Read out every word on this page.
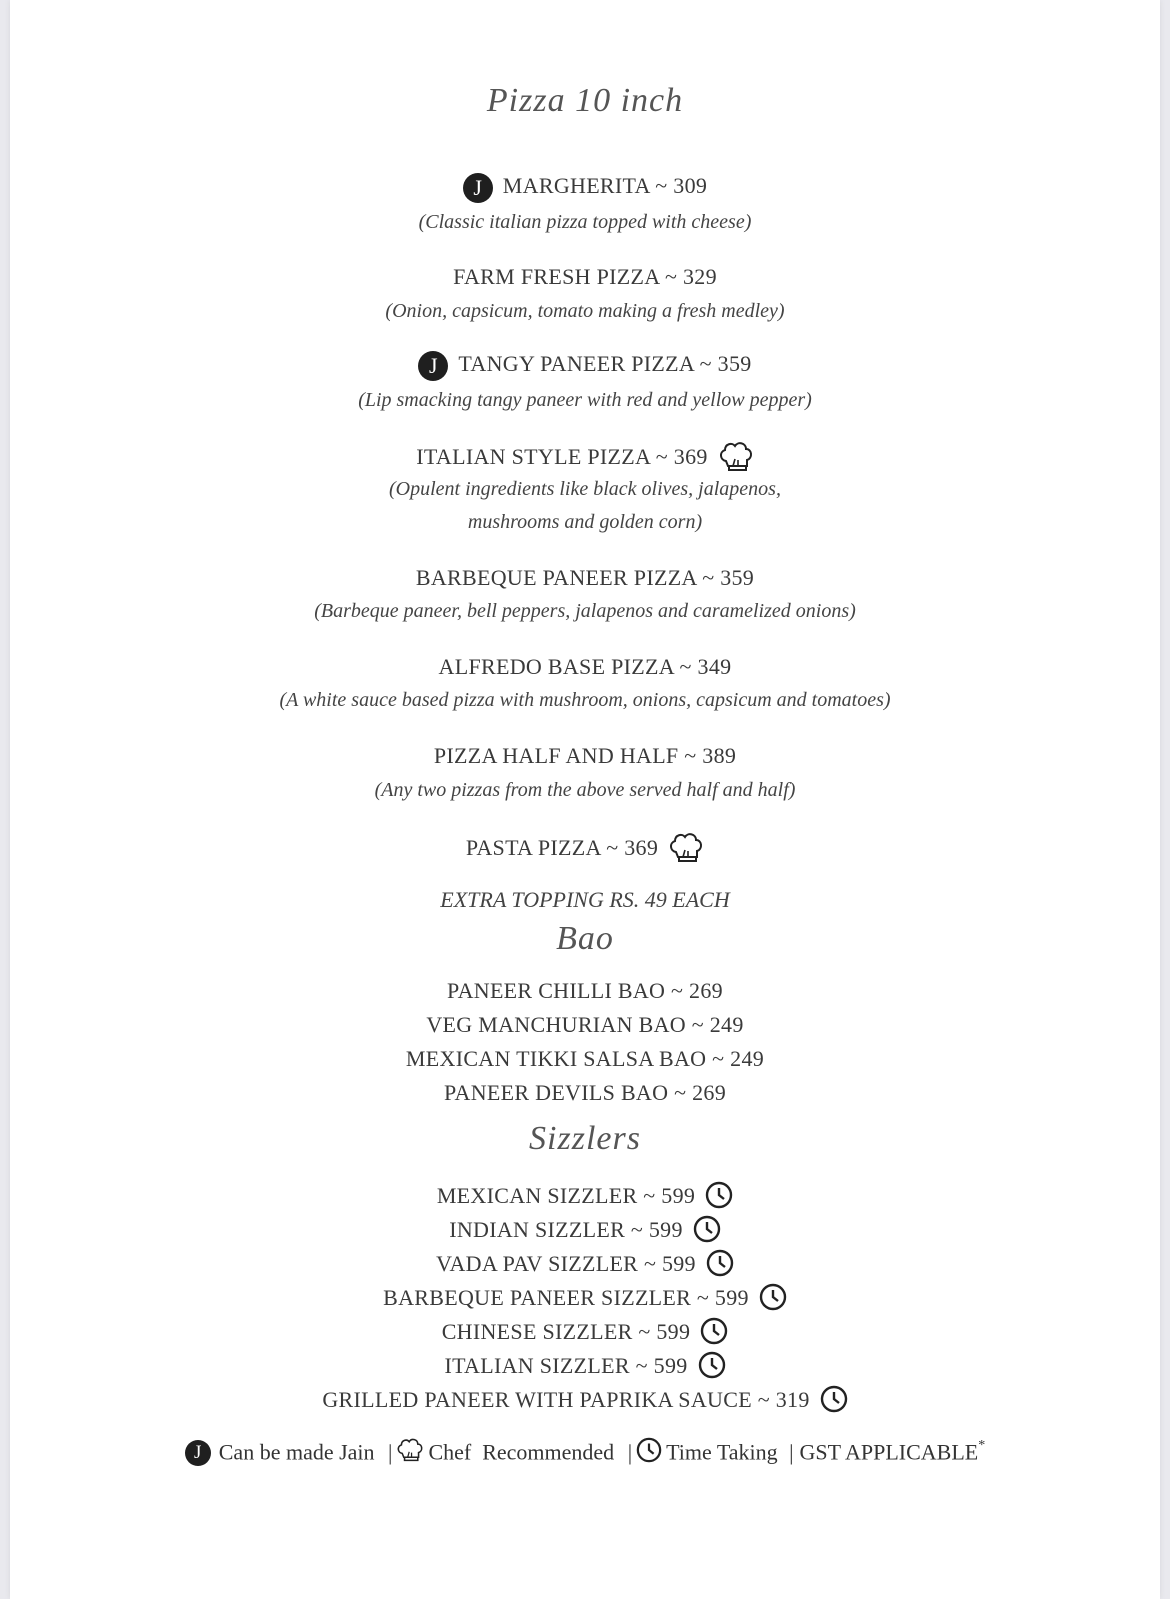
Pizza 10 inch
J MARGHERITA ~ 309
(Classic italian pizza topped with cheese)
FARM FRESH PIZZA ~ 329
(Onion, capsicum, tomato making a fresh medley)
J TANGY PANEER PIZZA ~ 359
(Lip smacking tangy paneer with red and yellow pepper)
ITALIAN STYLE PIZZA ~ 369
(Opulent ingredients like black olives, jalapenos,
mushrooms and golden corn)
BARBEQUE PANEER PIZZA ~ 359
(Barbeque paneer, bell peppers, jalapenos and caramelized onions)
ALFREDO BASE PIZZA ~ 349
(A white sauce based pizza with mushroom, onions, capsicum and tomatoes)
PIZZA HALF AND HALF ~ 389
(Any two pizzas from the above served half and half)
PASTA PIZZA ~ 369
EXTRA TOPPING RS. 49 EACH
Bao
PANEER CHILLI BAO ~ 269
VEG MANCHURIAN BAO ~ 249
MEXICAN TIKKI SALSA BAO ~ 249
PANEER DEVILS BAO ~ 269
Sizzlers
MEXICAN SIZZLER ~ 599
INDIAN SIZZLER ~ 599
VADA PAV SIZZLER ~ 599
BARBEQUE PANEER SIZZLER ~ 599
CHINESE SIZZLER ~ 599
ITALIAN SIZZLER ~ 599
GRILLED PANEER WITH PAPRIKA SAUCE ~ 319
J Can be made Jain | Chef  Recommended | Time Taking | GST APPLICABLE*
